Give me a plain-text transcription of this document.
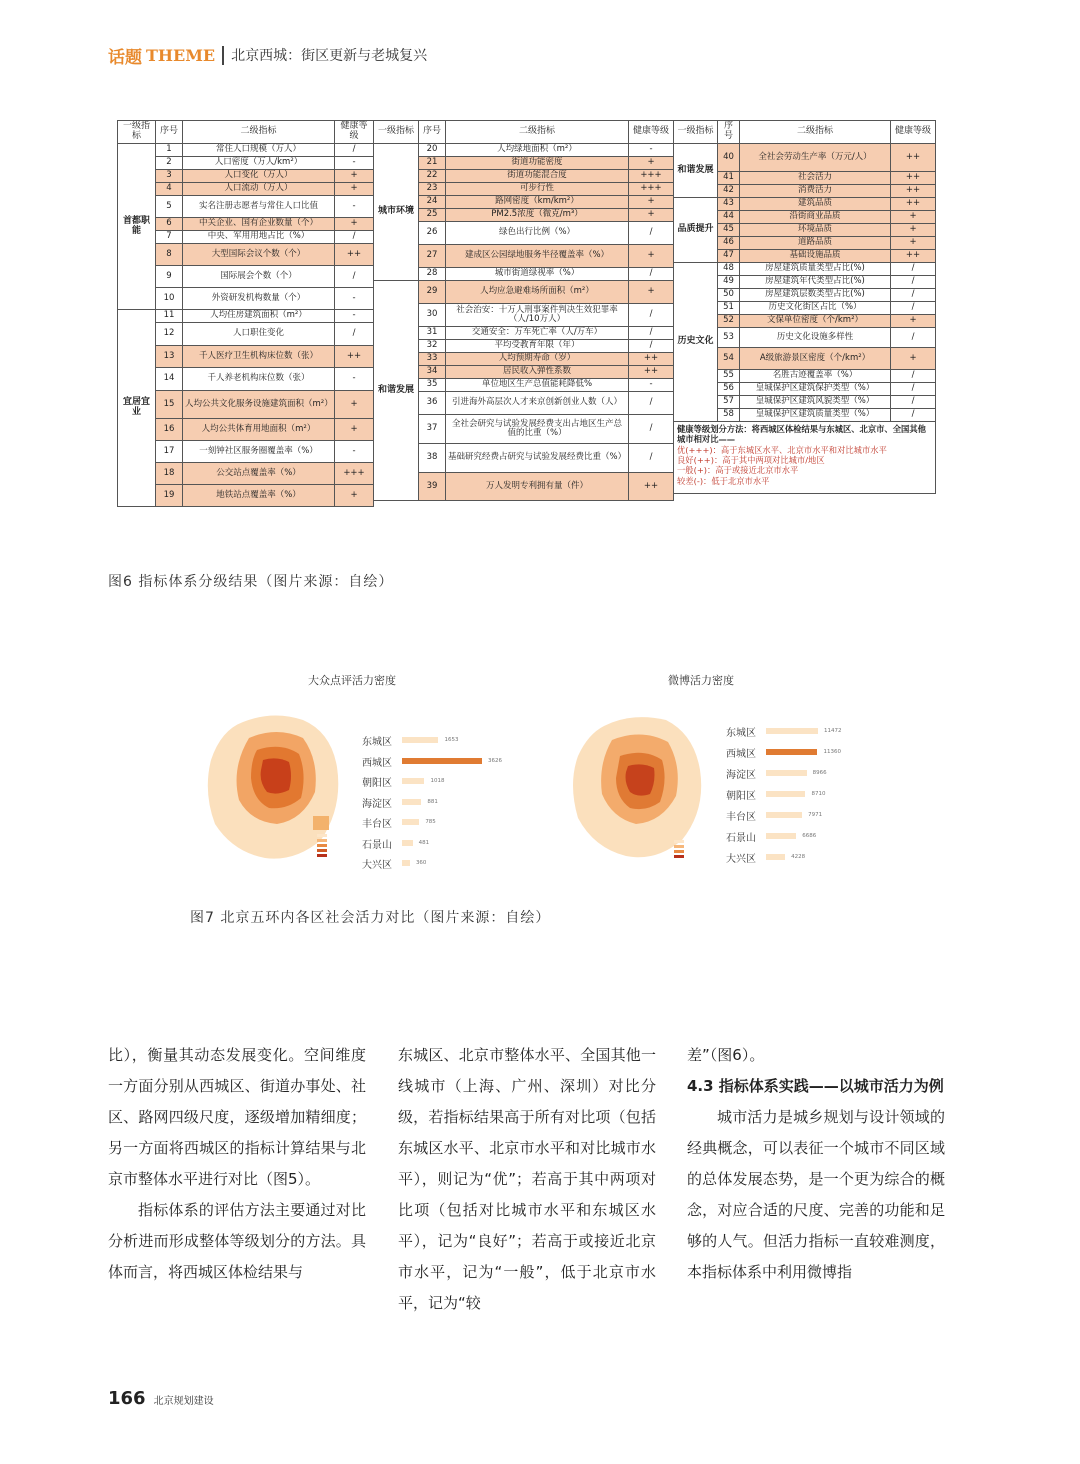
话题 THEME 北京西城：街区更新与老城复兴
一级指标	序号	二级指标	健康等级
首都职能	1	常住人口规模（万人）	/
	2	人口密度（万人/km²）	-
	3	人口变化（万人）	+
	4	人口流动（万人）	+
	5	实名注册志愿者与常住人口比值	-
	6	中关企业、国有企业数量（个）	+
	7	中央、军用用地占比（%）	/
	8	大型国际会议个数（个）	++
	9	国际展会个数（个）	/
	10	外资研发机构数量（个）	-
宜居宜业	11	人均住房建筑面积（m²）	-
	12	人口职住变化	/
	13	千人医疗卫生机构床位数（张）	++
	14	千人养老机构床位数（张）	-
	15	人均公共文化服务设施建筑面积（m²）	+
	16	人均公共体育用地面积（m²）	+
	17	一刻钟社区服务圈覆盖率（%）	-
	18	公交站点覆盖率（%）	+++
	19	地铁站点覆盖率（%）	+
一级指标	序号	二级指标	健康等级
城市环境	20	人均绿地面积（m²）	-
	21	街道功能密度	+
	22	街道功能混合度	+++
	23	可步行性	+++
	24	路网密度（km/km²）	+
	25	PM2.5浓度（微克/m³）	+
	26	绿色出行比例（%）	/
	27	建成区公园绿地服务半径覆盖率（%）	+
	28	城市街道绿视率（%）	/
和谐发展	29	人均应急避难场所面积（m²）	+
	30	社会治安：十万人刑事案件判决生效犯罪率（人/10万人）	/
	31	交通安全：万车死亡率（人/万车）	/
	32	平均受教育年限（年）	/
	33	人均预期寿命（岁）	++
	34	居民收入弹性系数	++
	35	单位地区生产总值能耗降低%	-
	36	引进海外高层次人才来京创新创业人数（人）	/
	37	全社会研究与试验发展经费支出占地区生产总值的比重（%）	/
	38	基础研究经费占研究与试验发展经费比重（%）	/
	39	万人发明专利拥有量（件）	++
一级指标	序号	二级指标	健康等级
和谐发展	40	全社会劳动生产率（万元/人）	++
	41	社会活力	++
	42	消费活力	++
品质提升	43	建筑品质	++
	44	沿街商业品质	+
	45	环境品质	+
	46	道路品质	+
	47	基础设施品质	++
历史文化	48	房屋建筑质量类型占比(%)	/
	49	房屋建筑年代类型占比(%)	/
	50	房屋建筑层数类型占比(%)	/
	51	历史文化街区占比（%）	/
	52	文保单位密度（个/km²）	+
	53	历史文化设施多样性	/
	54	A级旅游景区密度（个/km²）	+
	55	名胜古迹覆盖率（%）	/
	56	皇城保护区建筑保护类型（%）	/
	57	皇城保护区建筑风貌类型（%）	/
	58	皇城保护区建筑质量类型（%）	/

健康等级划分方法：将西城区体检结果与东城区、北京市、全国其他城市相对比——
优(+++)：高于东城区水平、北京市水平和对比城市水平
良好(++)：高于其中两项对比城市/地区
一般(+)：高于或接近北京市水平
较差(-)：低于北京市水平			
图6 指标体系分级结果（图片来源：自绘）
大众点评活力密度
东城区	1653
西城区	3626
朝阳区	1018
海淀区	881
丰台区	785
石景山	481
大兴区	360
微博活力密度
东城区	11472
西城区	11360
海淀区	8966
朝阳区	8710
丰台区	7971
石景山	6686
大兴区	4228
图7 北京五环内各区社会活力对比（图片来源：自绘）

比），衡量其动态发展变化。空间维度一方面分别从西城区、街道办事处、社区、路网四级尺度，逐级增加精细度；另一方面将西城区的指标计算结果与北京市整体水平进行对比（图5）。

指标体系的评估方法主要通过对比分析进而形成整体等级划分的方法。具体而言，将西城区体检结果与

东城区、北京市整体水平、全国其他一线城市（上海、广州、深圳）对比分级，若指标结果高于所有对比项（包括东城区水平、北京市水平和对比城市水平），则记为“优”；若高于其中两项对比项（包括对比城市水平和东城区水平），记为“良好”；若高于或接近北京市水平，记为“一般”，低于北京市水平，记为“较

差”（图6）。

4.3 指标体系实践——以城市活力为例

城市活力是城乡规划与设计领域的经典概念，可以表征一个城市不同区域的总体发展态势，是一个更为综合的概念，对应合适的尺度、完善的功能和足够的人气。但活力指标一直较难测度，本指标体系中利用微博指

166 北京规划建设
